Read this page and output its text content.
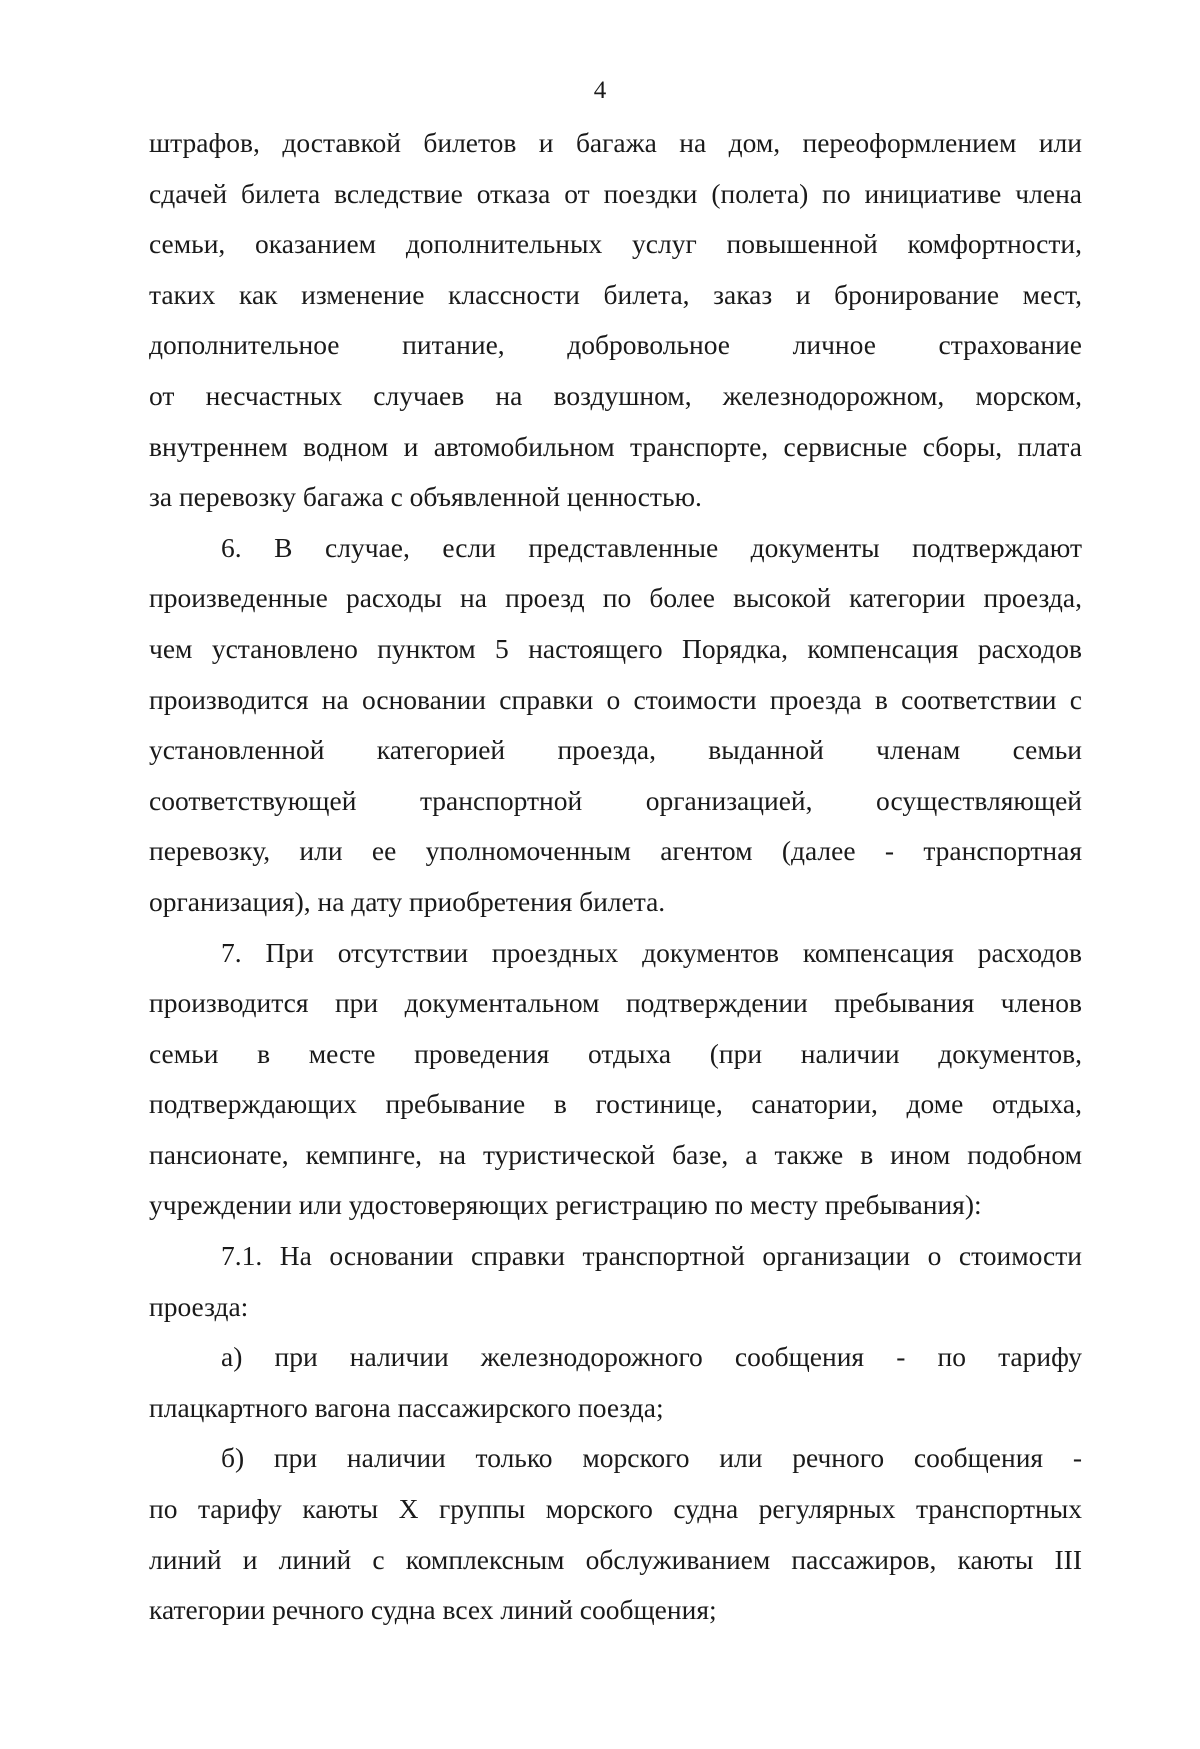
4
штрафов, доставкой билетов и багажа на дом, переоформлением или
сдачей билета вследствие отказа от поездки (полета) по инициативе члена
семьи, оказанием дополнительных услуг повышенной комфортности,
таких как изменение классности билета, заказ и бронирование мест,
дополнительное питание, добровольное личное страхование
от несчастных случаев на воздушном, железнодорожном, морском,
внутреннем водном и автомобильном транспорте, сервисные сборы, плата
за перевозку багажа с объявленной ценностью.
6. В случае, если представленные документы подтверждают
произведенные расходы на проезд по более высокой категории проезда,
чем установлено пунктом 5 настоящего Порядка, компенсация расходов
производится на основании справки о стоимости проезда в соответствии с
установленной категорией проезда, выданной членам семьи
соответствующей транспортной организацией, осуществляющей
перевозку, или ее уполномоченным агентом (далее - транспортная
организация), на дату приобретения билета.
7. При отсутствии проездных документов компенсация расходов
производится при документальном подтверждении пребывания членов
семьи в месте проведения отдыха (при наличии документов,
подтверждающих пребывание в гостинице, санатории, доме отдыха,
пансионате, кемпинге, на туристической базе, а также в ином подобном
учреждении или удостоверяющих регистрацию по месту пребывания):
7.1. На основании справки транспортной организации о стоимости
проезда:
а) при наличии железнодорожного сообщения - по тарифу
плацкартного вагона пассажирского поезда;
б) при наличии только морского или речного сообщения -
по тарифу каюты X группы морского судна регулярных транспортных
линий и линий с комплексным обслуживанием пассажиров, каюты III
категории речного судна всех линий сообщения;
